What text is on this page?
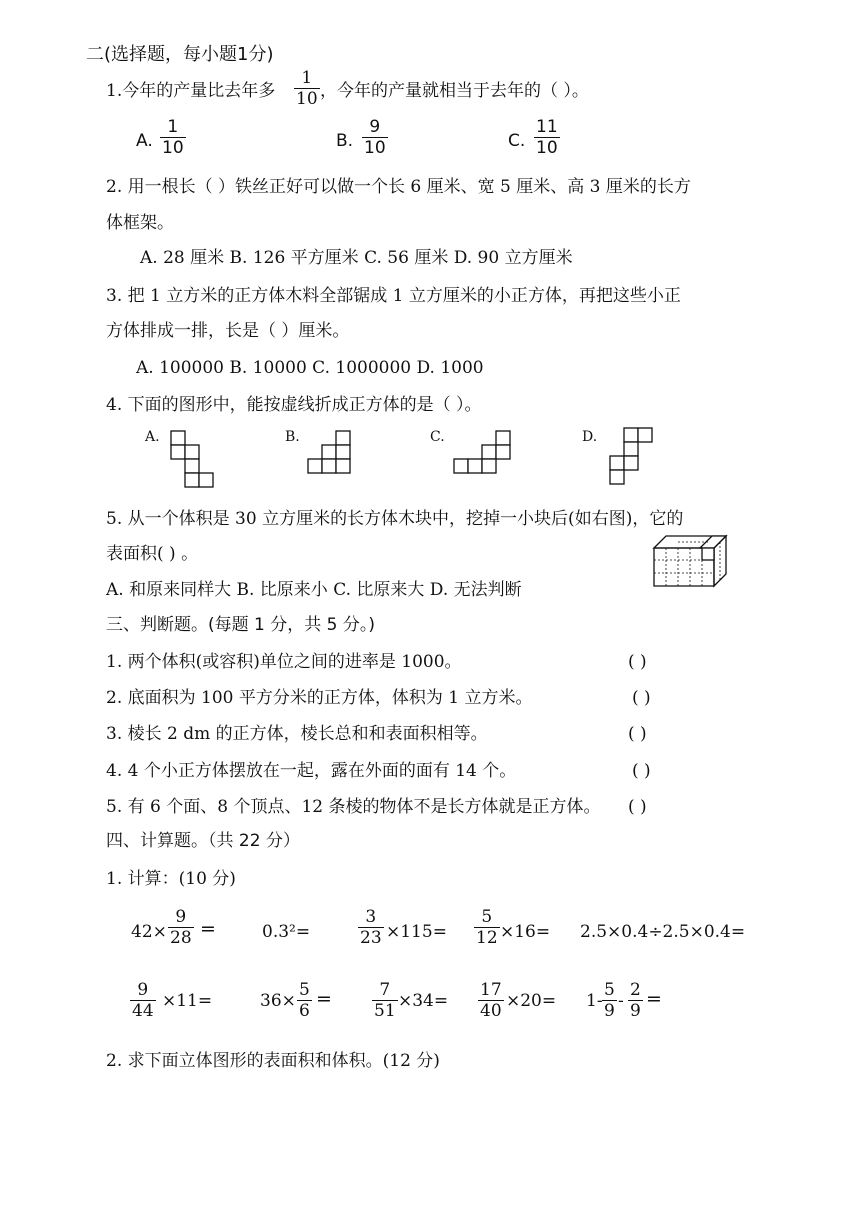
二(选择题，每小题1分)
1.今年的产量比去年多
1
10 ，今年的产量就相当于去年的（ ）。
A.
1
10	B.
9
10	C.
11
10
2. 用一根长（ ）铁丝正好可以做一个长 6 厘米、宽 5 厘米、高 3 厘米的长方
体框架。
A. 28 厘米 B. 126 平方厘米 C. 56 厘米 D. 90 立方厘米
3. 把 1 立方米的正方体木料全部锯成 1 立方厘米的小正方体，再把这些小正
方体排成一排，长是（ ）厘米。
A. 100000 B. 10000 C. 1000000 D. 1000
4. 下面的图形中，能按虚线折成正方体的是（ ）。
A.	B.	C.	D.
5. 从一个体积是 30 立方厘米的长方体木块中，挖掉一小块后(如右图)，它的
表面积( ) 。
A. 和原来同样大 B. 比原来小 C. 比原来大 D. 无法判断
三、判断题。(每题 1 分，共 5 分。)
1. 两个体积(或容积)单位之间的进率是 1000。	( )
2. 底面积为 100 平方分米的正方体，体积为 1 立方米。	( )
3. 棱长 2 dm 的正方体，棱长总和和表面积相等。	( )
4. 4 个小正方体摆放在一起，露在外面的面有 14 个。	( )
5. 有 6 个面、8 个顶点、12 条棱的物体不是长方体就是正方体。 ( )
四、计算题。（共 22 分）
1. 计算：(10 分)
42×
9
28 =	0.3²=
3
23 ×115=
5
12 ×16= 2.5×0.4÷2.5×0.4=
9
44 ×11=	36×
5
6
=	7
51 ×34=
17
40 ×20= 1-
5
9 -
2
9
=
2. 求下面立体图形的表面积和体积。(12 分)
